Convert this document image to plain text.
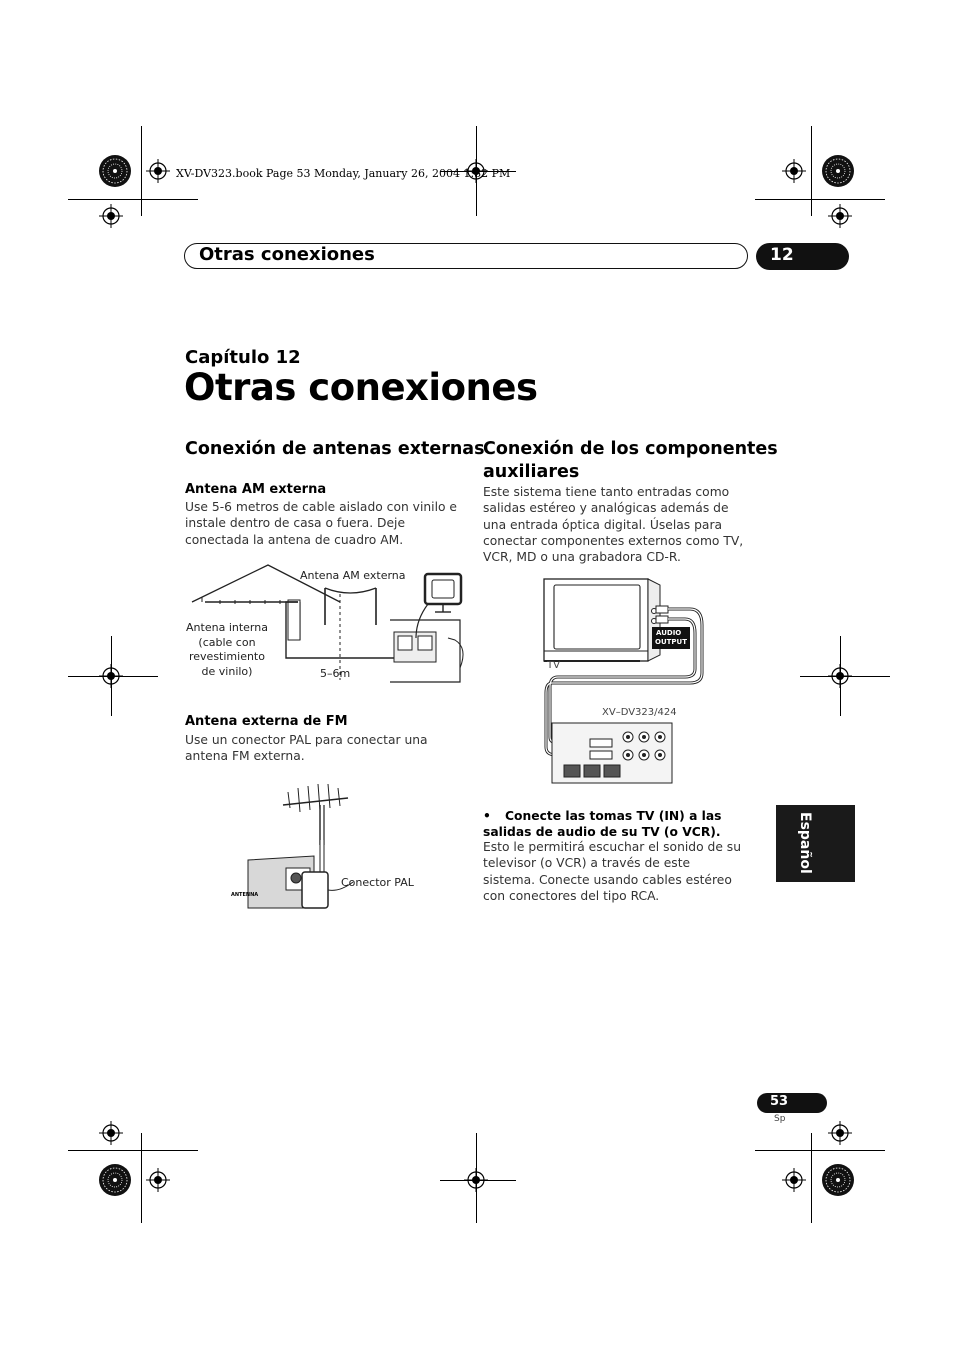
XV-DV323.book Page 53 Monday, January 26, 2004 1:32 PM
Otras conexiones	12
Capítulo 12
Otras conexiones
Conexión de antenas externas
Antena AM externa
Use 5-6 metros de cable aislado con vinilo e instale dentro de casa o fuera. Deje conectada la antena de cuadro AM.
Antena AM externa
Antena interna (cable con revestimiento de vinilo)	5–6m
Antena externa de FM
Use un conector PAL para conectar una antena FM externa.
ANTENNA
Conector PAL
Conexión de los componentes
auxiliares
Este sistema tiene tanto entradas como salidas estéreo y analógicas además de una entrada óptica digital. Úselas para conectar componentes externos como TV, VCR, MD o una grabadora CD-R.
AUDIO
OUTPUT
TV
XV–DV323/424
• Conecte las tomas TV (IN) a las salidas de audio de su TV (o VCR).
Esto le permitirá escuchar el sonido de su televisor (o VCR) a través de este sistema. Conecte usando cables estéreo con conectores del tipo RCA.
Español
53
Sp
